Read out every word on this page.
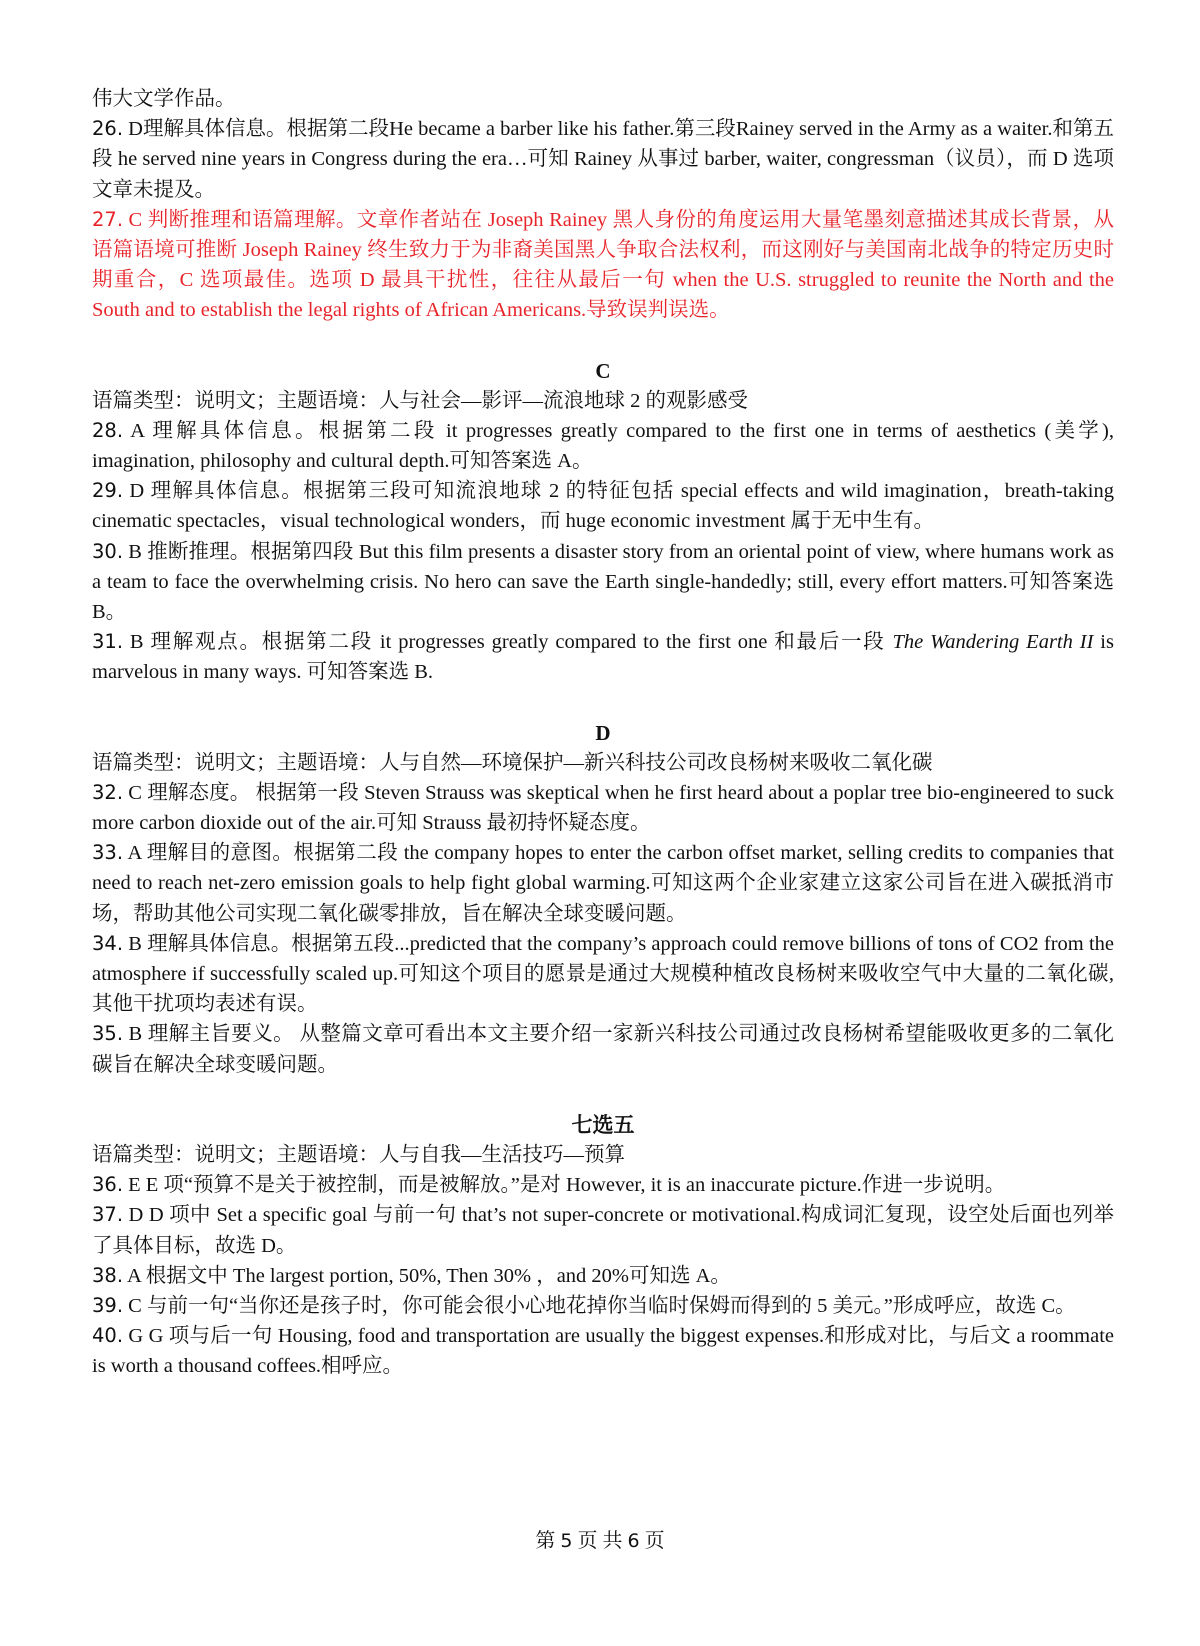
伟大文学作品。

26. D理解具体信息。根据第二段He became a barber like his father.第三段Rainey served in the Army as a waiter.和第五段 he served nine years in Congress during the era…可知 Rainey 从事过 barber, waiter, congressman（议员），而 D 选项文章未提及。

27. C 判断推理和语篇理解。文章作者站在 Joseph Rainey 黑人身份的角度运用大量笔墨刻意描述其成长背景，从语篇语境可推断 Joseph Rainey 终生致力于为非裔美国黑人争取合法权利，而这刚好与美国南北战争的特定历史时期重合，C 选项最佳。选项 D 最具干扰性，往往从最后一句 when the U.S. struggled to reunite the North and the South and to establish the legal rights of African Americans.导致误判误选。

C

语篇类型：说明文；主题语境：人与社会—影评—流浪地球 2 的观影感受

28. A 理解具体信息。根据第二段 it progresses greatly compared to the first one in terms of aesthetics (美学), imagination, philosophy and cultural depth.可知答案选 A。

29. D 理解具体信息。根据第三段可知流浪地球 2 的特征包括 special effects and wild imagination，breath-taking cinematic spectacles，visual technological wonders，而 huge economic investment 属于无中生有。

30. B 推断推理。根据第四段 But this film presents a disaster story from an oriental point of view, where humans work as a team to face the overwhelming crisis. No hero can save the Earth single-handedly; still, every effort matters.可知答案选 B。

31. B 理解观点。根据第二段 it progresses greatly compared to the first one 和最后一段 The Wandering Earth II is marvelous in many ways. 可知答案选 B.

D

语篇类型：说明文；主题语境：人与自然—环境保护—新兴科技公司改良杨树来吸收二氧化碳

32. C 理解态度。 根据第一段 Steven Strauss was skeptical when he first heard about a poplar tree bio-engineered to suck more carbon dioxide out of the air.可知 Strauss 最初持怀疑态度。

33. A 理解目的意图。根据第二段 the company hopes to enter the carbon offset market, selling credits to companies that need to reach net-zero emission goals to help fight global warming.可知这两个企业家建立这家公司旨在进入碳抵消市场，帮助其他公司实现二氧化碳零排放，旨在解决全球变暖问题。

34. B 理解具体信息。根据第五段...predicted that the company’s approach could remove billions of tons of CO2 from the atmosphere if successfully scaled up.可知这个项目的愿景是通过大规模种植改良杨树来吸收空气中大量的二氧化碳,其他干扰项均表述有误。

35. B 理解主旨要义。 从整篇文章可看出本文主要介绍一家新兴科技公司通过改良杨树希望能吸收更多的二氧化碳旨在解决全球变暖问题。

七选五

语篇类型：说明文；主题语境：人与自我—生活技巧—预算

36. E E 项“预算不是关于被控制，而是被解放。”是对 However, it is an inaccurate picture.作进一步说明。

37. D D 项中 Set a specific goal 与前一句 that’s not super-concrete or motivational.构成词汇复现，设空处后面也列举了具体目标，故选 D。

38. A 根据文中 The largest portion, 50%, Then 30% ，and 20%可知选 A。

39. C 与前一句“当你还是孩子时，你可能会很小心地花掉你当临时保姆而得到的 5 美元。”形成呼应，故选 C。

40. G G 项与后一句 Housing, food and transportation are usually the biggest expenses.和形成对比，与后文 a roommate is worth a thousand coffees.相呼应。

第 5 页 共 6 页
